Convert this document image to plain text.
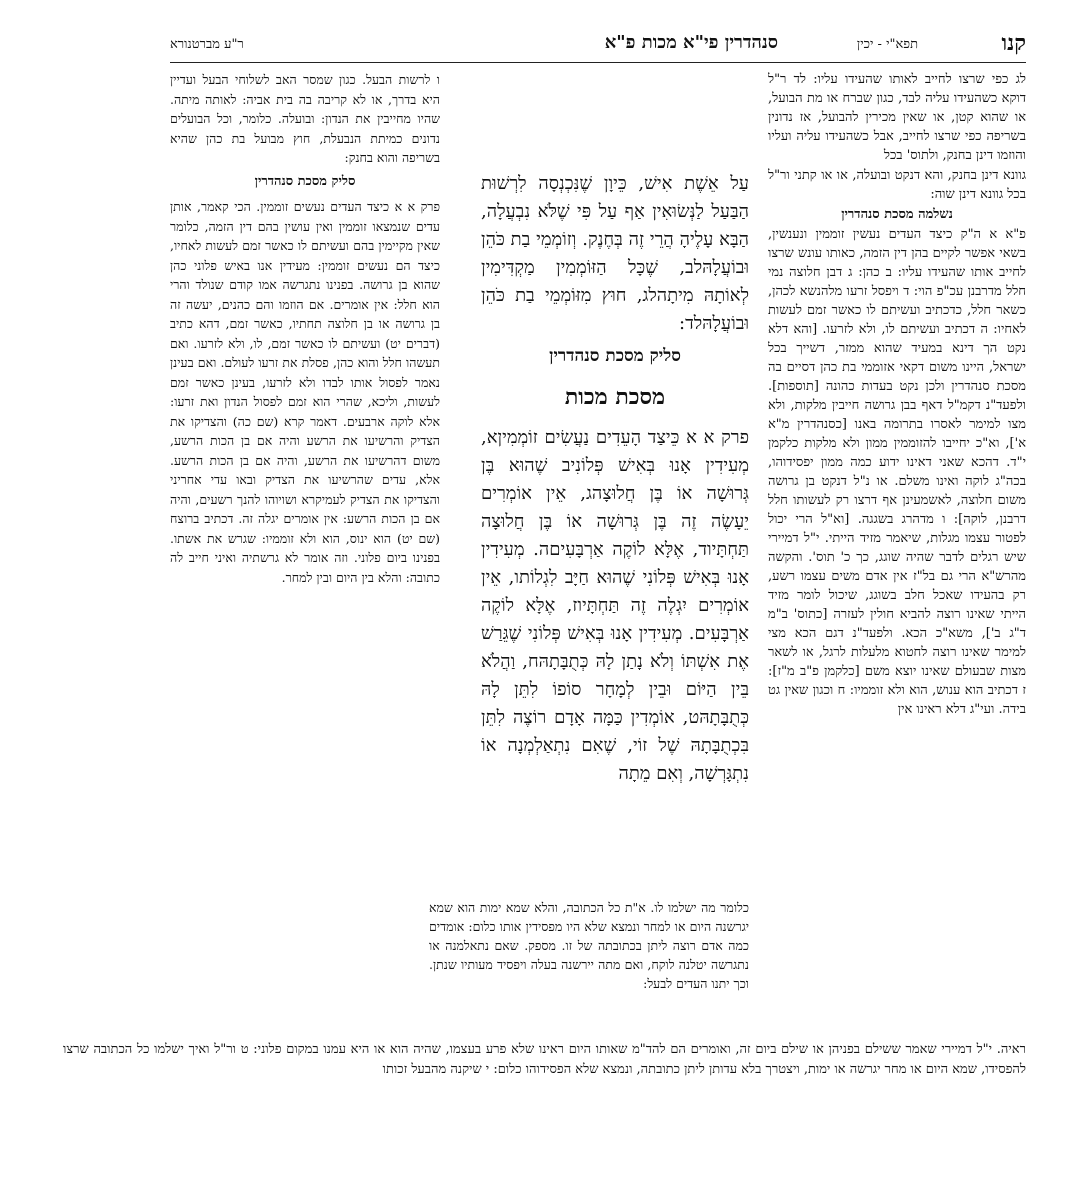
קנו
תפא"י - יכין
סנהדרין פי"א מכות פ"א
ר"ע מברטנורא

לג כפי שרצו לחייב לאותו שהעידו עליו: לד ר"ל דוקא כשהעידו עליה לבד, כגון שברח או מת הבועל, או שהוא קטן, או שאין מכירין להבועל, אז נדונין בשריפה כפי שרצו לחייב, אבל כשהעידו עליה ועליו והוזמו דינן בחנק, ולתוס' בכל

גוונא דינן בחנק, והא דנקט ובועלה, או או קתני ור"ל בכל גוונא דינן שוה:

נשלמה מסכת סנהדרין

פ"א א ה"ק כיצד העדים נעשין זוממין ונענשין, בשאי אפשר לקיים בהן דין הזמה, כאותו עונש שרצו לחייב אותו שהעידו עליו: ב כהן: ג דבן חלוצה נמי חלל מדרבנן עכ"פ הוי: ד ויפסל זרעו מלהנשא לכהן, כשאר חלל, כדכתיב ועשיתם לו כאשר זמם לעשות לאחיו: ה דכתיב ועשיתם לו, ולא לזרעו. [והא דלא נקט הך דינא במעיד שהוא ממזר, דשייך בכל ישראל, היינו משום דקאי אזוממי בת כהן דסיים בה מסכת סנהדרין ולכן נקט בעדות כהונה [תוספות]. ולפעד"נ דקמ"ל דאף בבן גרושה חייבין מלקות, ולא מצו למימר לאסרו בתרומה באנו [כסנהדרין מ"א א'], וא"כ יחייבו להזוממין ממון ולא מלקות כלקמן י"ד. דהכא שאני דאינו ידוע כמה ממון יפסידוהו, בכה"ג לוקה ואינו משלם. או נ"ל דנקט בן גרושה משום חלוצה, לאשמעינן אף דרצו רק לעשותו חלל דרבנן, לוקה]: ו מדהרג בשגגה. [וא"ל הרי יכול לפטור עצמו מגלות, שיאמר מזיד הייתי. י"ל דמיירי שיש רגלים לדבר שהיה שוגג, כך כ' תוס'. והקשה מהרש"א הרי גם בל"ז אין אדם משים עצמו רשע, רק בהעידו שאכל חלב בשוגג, שיכול לומר מזיד הייתי שאינו רוצה להביא חולין לעזרה [כתוס' ב"מ ד"ג ב'], משא"כ הכא. ולפעד"נ דגם הכא מצי למימר שאינו רוצה לחטוא מלעלות לרגל, או לשאר מצות שבעולם שאינו יוצא משם [כלקמן פ"ב מ"ז]: ז דכתיב הוא ענוש, הוא ולא זוממיו: ח וכגון שאין גט בידה. ועי"ג דלא ראינו אין

עַל אֵשֶׁת אִישׁ, כֵּיוָן שֶׁנִּכְנְסָה לִרְשׁוּת הַבַּעַל לַנְּשׂוּאִין אַף עַל פִּי שֶׁלֹּא נִבְעֲלָה, הַבָּא עָלֶיהָ הֲרֵי זֶה בְּחֶנֶק. וְזוֹמְמֵי בַת כֹּהֵן וּבוֹעֲלָהּלב, שֶׁכָּל הַזּוֹמְמִין מַקְדִּימִין לְאוֹתָהּ מִיתָהלג, חוּץ מִזּוֹמְמֵי בַת כֹּהֵן וּבוֹעֲלָהּלד:

סליק מסכת סנהדרין

מסכת מכות

פרק א א כֵּיצַד הָעֵדִים נַעֲשִׂים זוֹמְמִיןא, מְעִידִין אָנוּ בְּאִישׁ פְּלוֹנִיב שֶׁהוּא בֶּן גְּרוּשָׁה אוֹ בֶּן חֲלוּצָהג, אֵין אוֹמְרִים יֵעָשֶׂה זֶה בֶּן גְּרוּשָׁה אוֹ בֶּן חֲלוּצָה תַּחְתָּיוד, אֶלָּא לוֹקֶה אַרְבָּעִיםה. מְעִידִין אָנוּ בְּאִישׁ פְּלוֹנִי שֶׁהוּא חַיָּב לִגְלוֹתו, אֵין אוֹמְרִים יִגְלֶה זֶה תַּחְתָּיוז, אֶלָּא לוֹקֶה אַרְבָּעִים. מְעִידִין אָנוּ בְּאִישׁ פְּלוֹנִי שֶׁגֵּרַשׁ אֶת אִשְׁתּוֹ וְלֹא נָתַן לָהּ כְּתֻבָּתָהּח, וַהֲלֹא בֵּין הַיּוֹם וּבֵין לְמָחָר סוֹפוֹ לִתֵּן לָהּ כְּתֻבָּתָהּט, אוֹמְדִין כַּמָּה אָדָם רוֹצֶה לִתֵּן בִּכְתֻבָּתָהּ שֶׁל זוֹי, שֶׁאִם נִתְאַלְמְנָה אוֹ נִתְגָּרְשָׁה, וְאִם מֵתָה

ו לרשות הבעל. כגון שמסר האב לשלוחי הבעל ועדיין היא בדרך, או לא קריבה בה בית אביה: לאותה מיתה. שהיו מחייבין את הנדון: ובועלה. כלומר, וכל הבועלים נדונים כמיתת הנבעלת, חוץ מבועל בת כהן שהיא בשריפה והוא בחנק:

סליק מסכת סנהדרין

פרק א א כיצד העדים נעשים זוממין. הכי קאמר, אותן עדים שנמצאו זוממין ואין עושין בהם דין הזמה, כלומר שאין מקיימין בהם ועשיתם לו כאשר זמם לעשות לאחיו, כיצד הם נעשים זוממין: מעידין אנו באיש פלוני כהן שהוא בן גרושה. בפנינו נתגרשה אמו קודם שנולד והרי הוא חלל: אין אומרים. אם הוזמו והם כהנים, יעשה זה בן גרושה או בן חלוצה תחתיו, כאשר זמם, דהא כתיב (דברים יט) ועשיתם לו כאשר זמם, לו, ולא לזרעו. ואם תעשהו חלל והוא כהן, פסלת את זרעו לעולם. ואם בעינן נאמר לפסול אותו לבדו ולא לזרעו, בעינן כאשר זמם לעשות, וליכא, שהרי הוא זמם לפסול הנדון ואת זרעו: אלא לוקה ארבעים. דאמר קרא (שם כה) והצדיקו את הצדיק והרשיעו את הרשע והיה אם בן הכות הרשע, משום דהרשיעו את הרשע, והיה אם בן הכות הרשע. אלא, עדים שהרשיעו את הצדיק ובאו עדי אחריני והצדיקו את הצדיק לעמיקרא ושויוהו להנך רשעים, והיה אם בן הכות הרשע: אין אומרים יגלה זה. דכתיב ברוצח (שם יט) הוא ינוס, הוא ולא זוממיו: שגרש את אשתו. בפנינו ביום פלוני. וזה אומר לא גרשתיה ואיני חייב לה כתובה: והלא בין היום ובין למחר.

כלומר מה ישלמו לו. א"ת כל הכתובה, והלא שמא ימות הוא שמא יגרשנה היום או למחר ונמצא שלא היו מפסידין אותו כלום: אומדים כמה אדם רוצה ליתן בכתובתה של זו. מספק. שאם נתאלמנה או נתגרשה יטלנה לוקח, ואם מתה יירשנה בעלה ויפסיד מעותיו שנתן. וכך יתנו העדים לבעל:
ראיה. י"ל דמיירי שאמר ששילם בפניהן או שילם ביום זה, ואומרים הם להד"מ שאותו היום ראינו שלא פרע בעצמו, שהיה הוא או היא עמנו במקום פלוני: ט ור"ל ואיך ישלמו כל הכתובה שרצו להפסידו, שמא היום או מחר יגרשה או ימות, ויצטרך בלא עדותן ליתן כתובתה, ונמצא שלא הפסידוהו כלום: י שיקנה מהבעל זכותו
